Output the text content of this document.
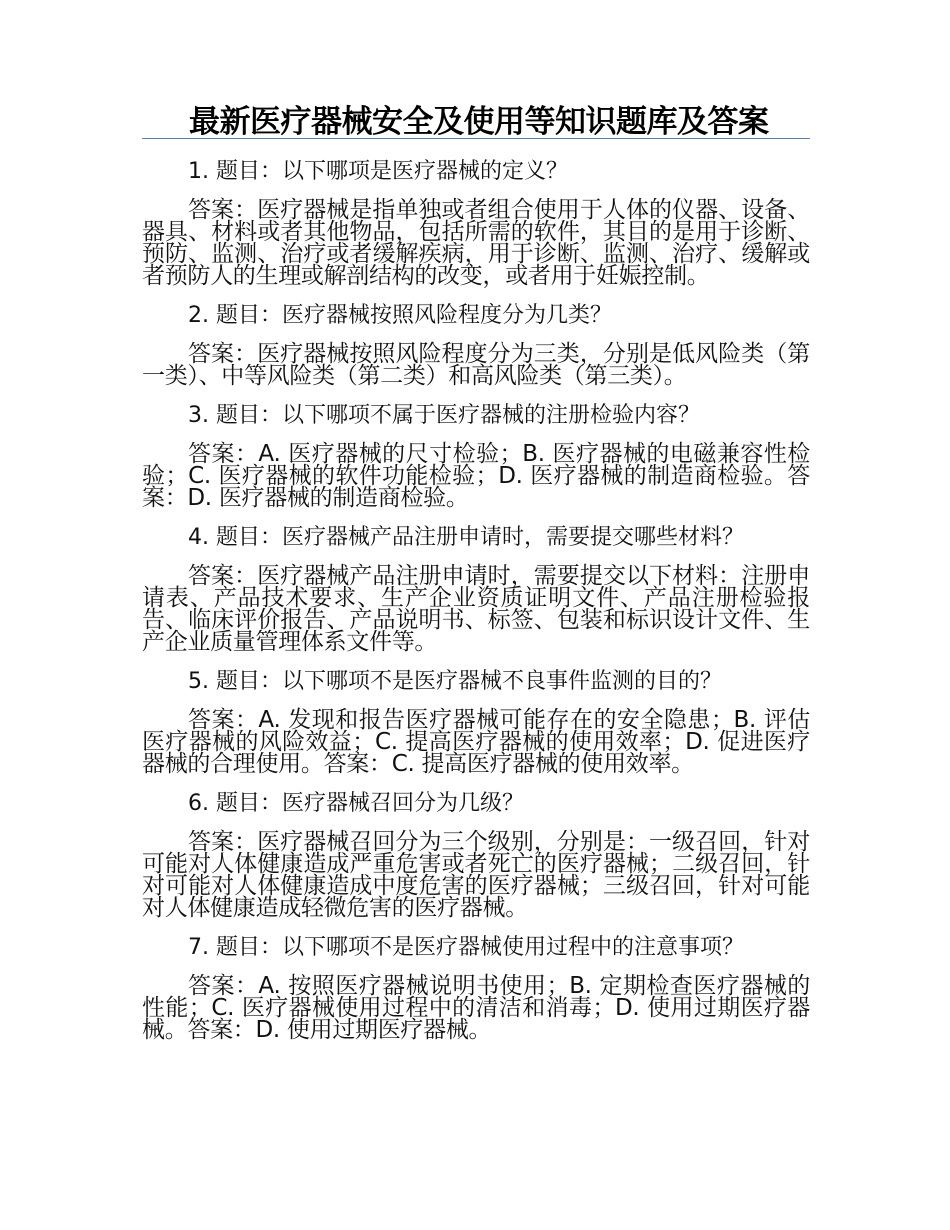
最新医疗器械安全及使用等知识题库及答案

1. 题目：以下哪项是医疗器械的定义？

答案：医疗器械是指单独或者组合使用于人体的仪器、设备、器具、材料或者其他物品，包括所需的软件，其目的是用于诊断、预防、监测、治疗或者缓解疾病，用于诊断、监测、治疗、缓解或者预防人的生理或解剖结构的改变，或者用于妊娠控制。

2. 题目：医疗器械按照风险程度分为几类？

答案：医疗器械按照风险程度分为三类，分别是低风险类（第一类）、中等风险类（第二类）和高风险类（第三类）。

3. 题目：以下哪项不属于医疗器械的注册检验内容？

答案：A. 医疗器械的尺寸检验；B. 医疗器械的电磁兼容性检验；C. 医疗器械的软件功能检验；D. 医疗器械的制造商检验。答案：D. 医疗器械的制造商检验。

4. 题目：医疗器械产品注册申请时，需要提交哪些材料？

答案：医疗器械产品注册申请时，需要提交以下材料：注册申请表、产品技术要求、生产企业资质证明文件、产品注册检验报告、临床评价报告、产品说明书、标签、包装和标识设计文件、生产企业质量管理体系文件等。

5. 题目：以下哪项不是医疗器械不良事件监测的目的？

答案：A. 发现和报告医疗器械可能存在的安全隐患；B. 评估医疗器械的风险效益；C. 提高医疗器械的使用效率；D. 促进医疗器械的合理使用。答案：C. 提高医疗器械的使用效率。

6. 题目：医疗器械召回分为几级？

答案：医疗器械召回分为三个级别，分别是：一级召回，针对可能对人体健康造成严重危害或者死亡的医疗器械；二级召回，针对可能对人体健康造成中度危害的医疗器械；三级召回，针对可能对人体健康造成轻微危害的医疗器械。

7. 题目：以下哪项不是医疗器械使用过程中的注意事项？

答案：A. 按照医疗器械说明书使用；B. 定期检查医疗器械的性能；C. 医疗器械使用过程中的清洁和消毒；D. 使用过期医疗器械。答案：D. 使用过期医疗器械。
